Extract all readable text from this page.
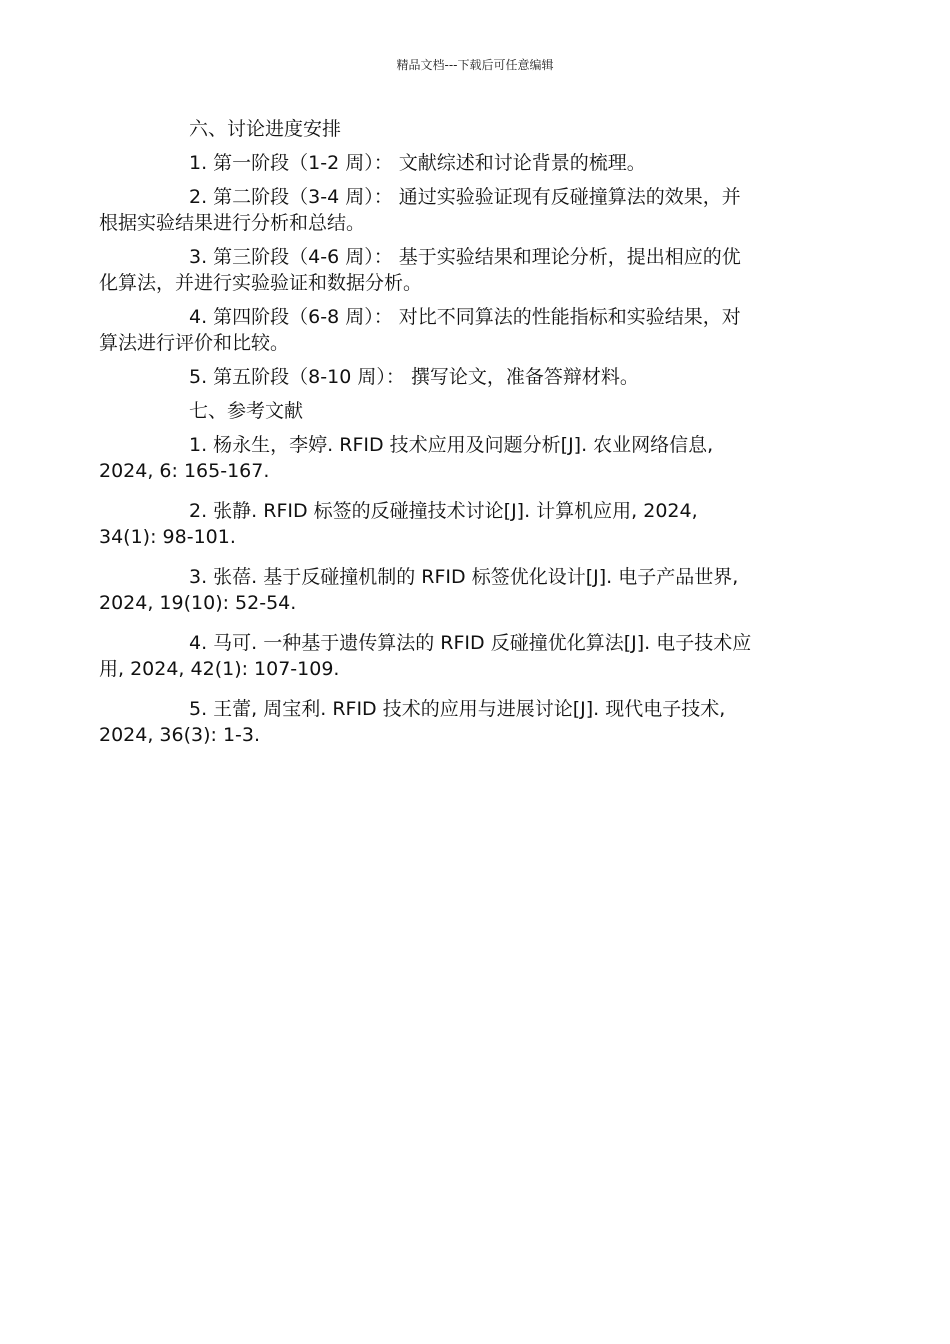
精品文档---下载后可任意编辑

六、讨论进度安排

1. 第一阶段（1-2 周）： 文献综述和讨论背景的梳理。

2. 第二阶段（3-4 周）： 通过实验验证现有反碰撞算法的效果，并
根据实验结果进行分析和总结。

3. 第三阶段（4-6 周）： 基于实验结果和理论分析，提出相应的优
化算法，并进行实验验证和数据分析。

4. 第四阶段（6-8 周）： 对比不同算法的性能指标和实验结果，对
算法进行评价和比较。

5. 第五阶段（8-10 周）： 撰写论文，准备答辩材料。

七、参考文献

1. 杨永生，李婷. RFID 技术应用及问题分析[J]. 农业网络信息,
2024, 6: 165-167.

2. 张静. RFID 标签的反碰撞技术讨论[J]. 计算机应用, 2024,
34(1): 98-101.

3. 张蓓. 基于反碰撞机制的 RFID 标签优化设计[J]. 电子产品世界,
2024, 19(10): 52-54.

4. 马可. 一种基于遗传算法的 RFID 反碰撞优化算法[J]. 电子技术应
用, 2024, 42(1): 107-109.

5. 王蕾, 周宝利. RFID 技术的应用与进展讨论[J]. 现代电子技术,
2024, 36(3): 1-3.
